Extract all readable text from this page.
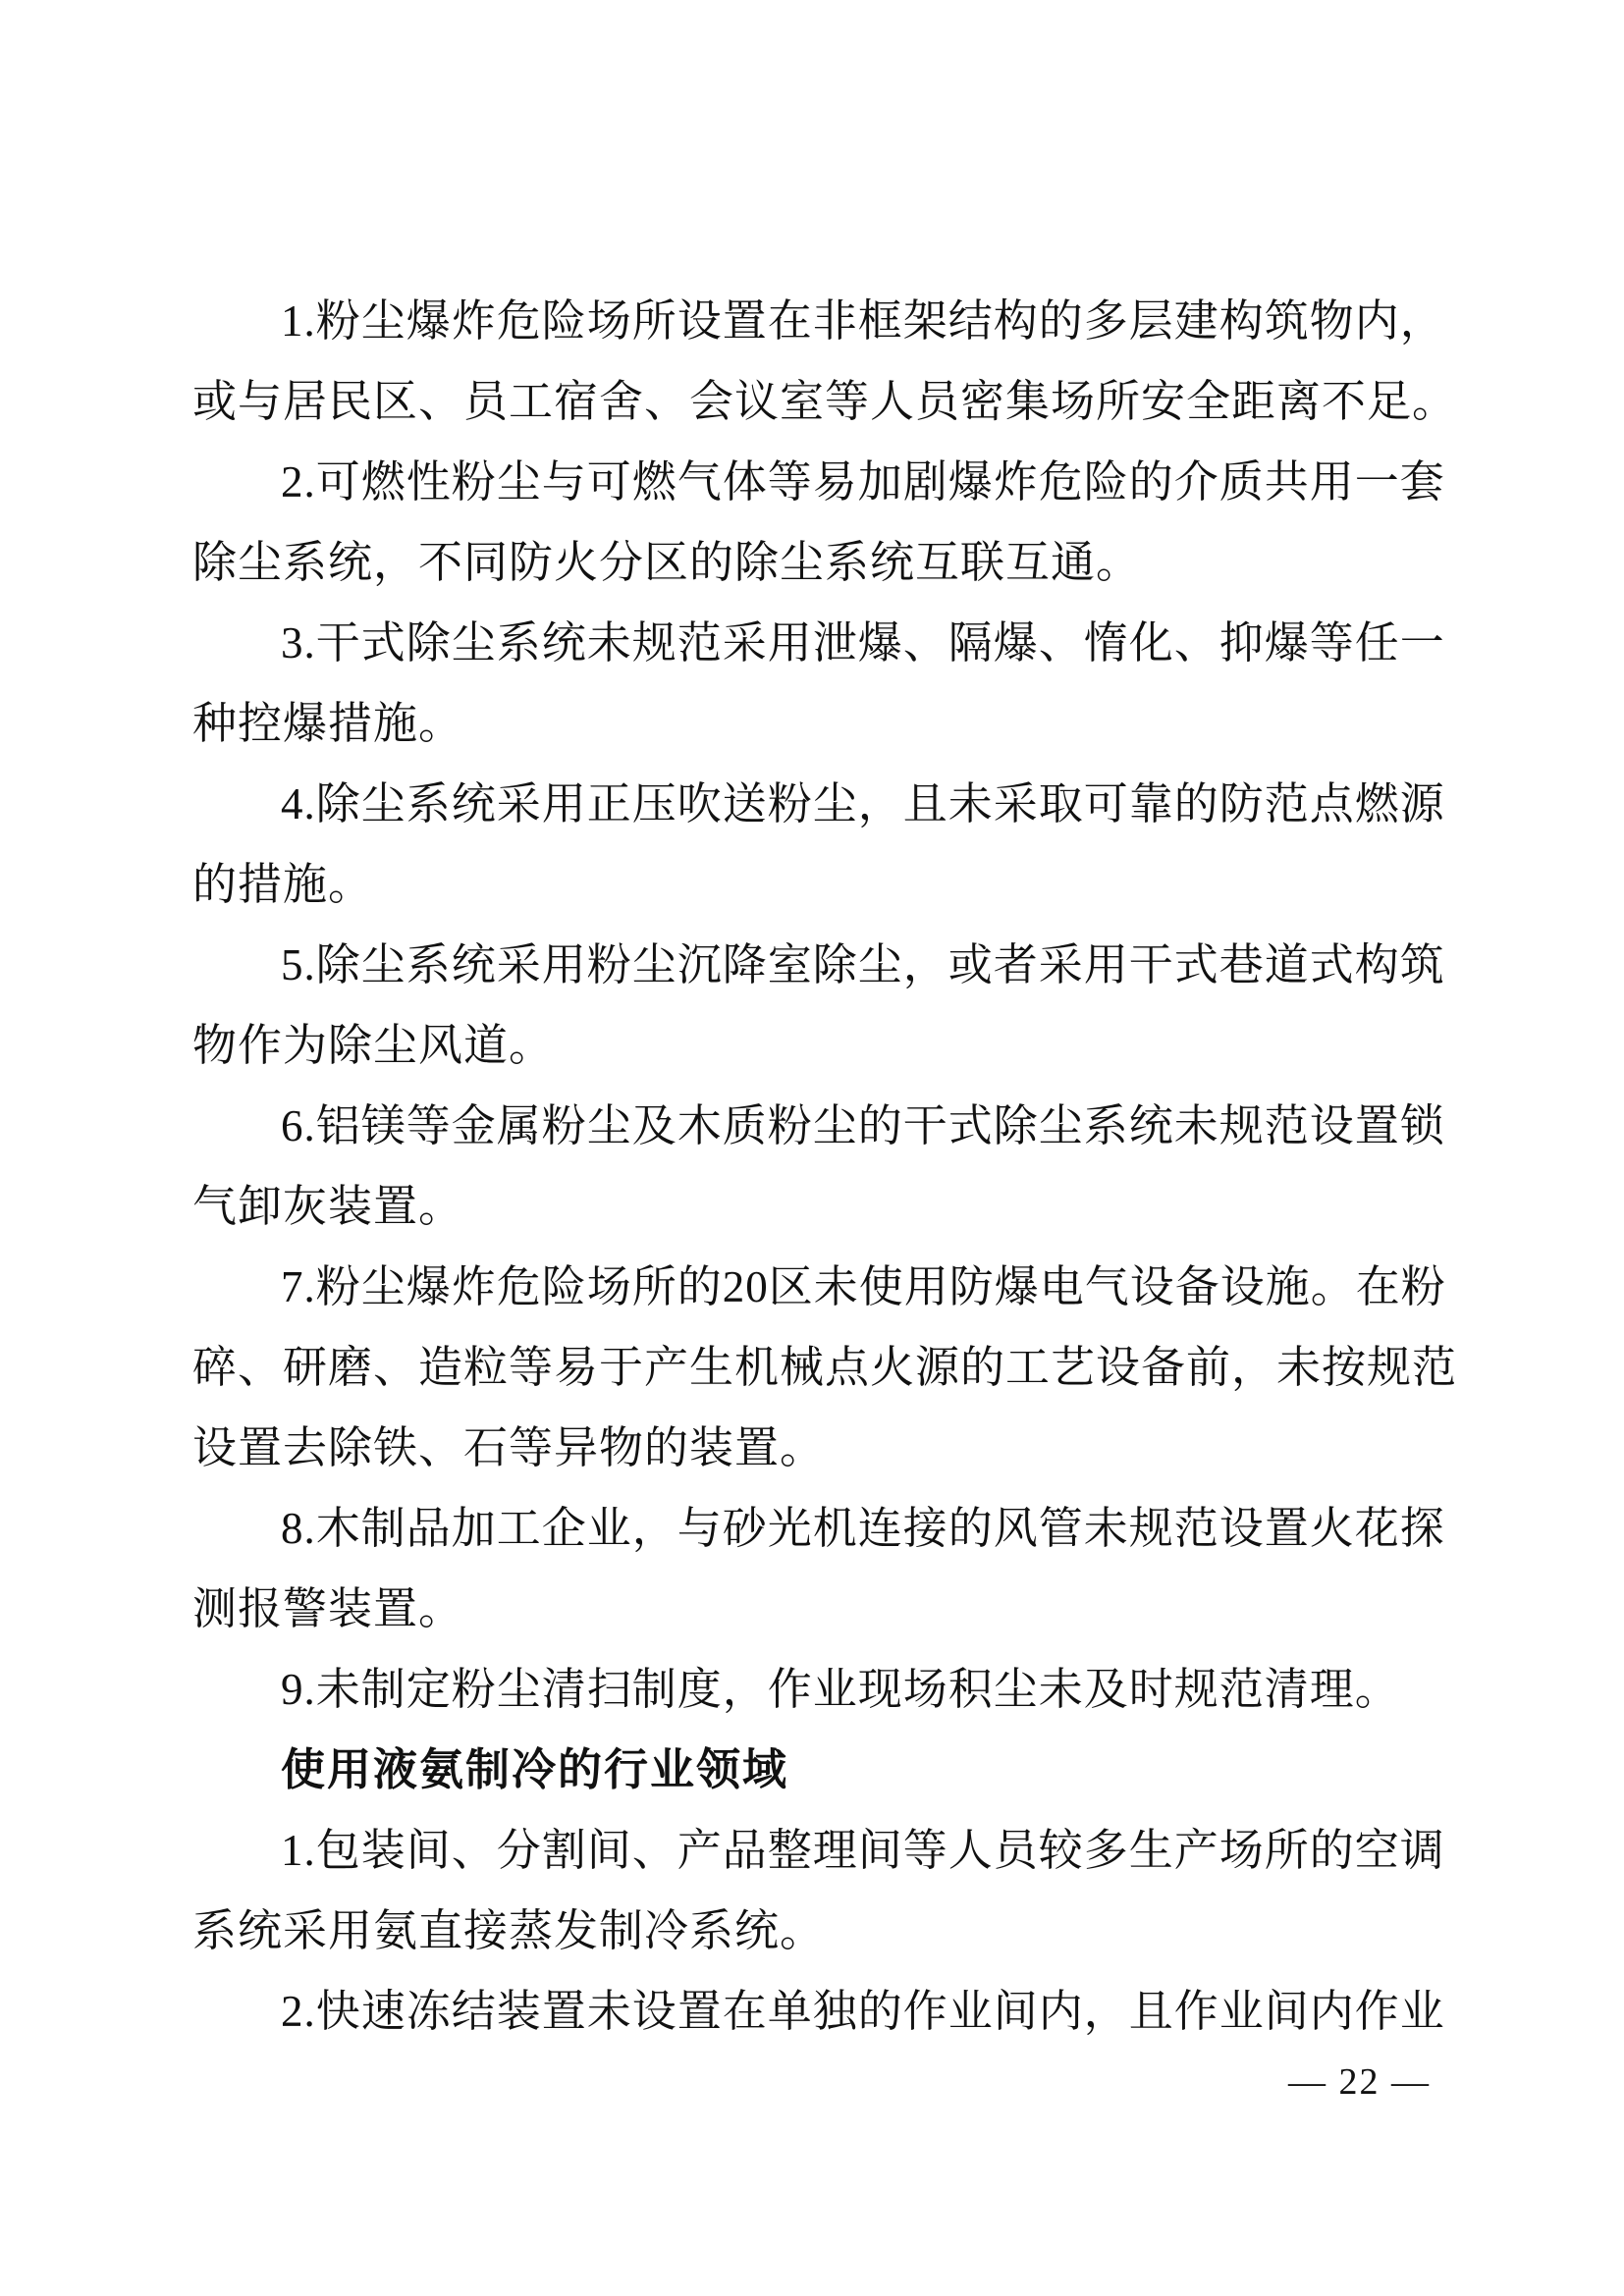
1.粉尘爆炸危险场所设置在非框架结构的多层建构筑物内，
或与居民区、员工宿舍、会议室等人员密集场所安全距离不足。
2.可燃性粉尘与可燃气体等易加剧爆炸危险的介质共用一套
除尘系统，不同防火分区的除尘系统互联互通。
3.干式除尘系统未规范采用泄爆、隔爆、惰化、抑爆等任一
种控爆措施。
4.除尘系统采用正压吹送粉尘，且未采取可靠的防范点燃源
的措施。
5.除尘系统采用粉尘沉降室除尘，或者采用干式巷道式构筑
物作为除尘风道。
6.铝镁等金属粉尘及木质粉尘的干式除尘系统未规范设置锁
气卸灰装置。
7.粉尘爆炸危险场所的20区未使用防爆电气设备设施。在粉
碎、研磨、造粒等易于产生机械点火源的工艺设备前，未按规范
设置去除铁、石等异物的装置。
8.木制品加工企业，与砂光机连接的风管未规范设置火花探
测报警装置。
9.未制定粉尘清扫制度，作业现场积尘未及时规范清理。
使用液氨制冷的行业领域
1.包装间、分割间、产品整理间等人员较多生产场所的空调
系统采用氨直接蒸发制冷系统。
2.快速冻结装置未设置在单独的作业间内，且作业间内作业
— 22 —
